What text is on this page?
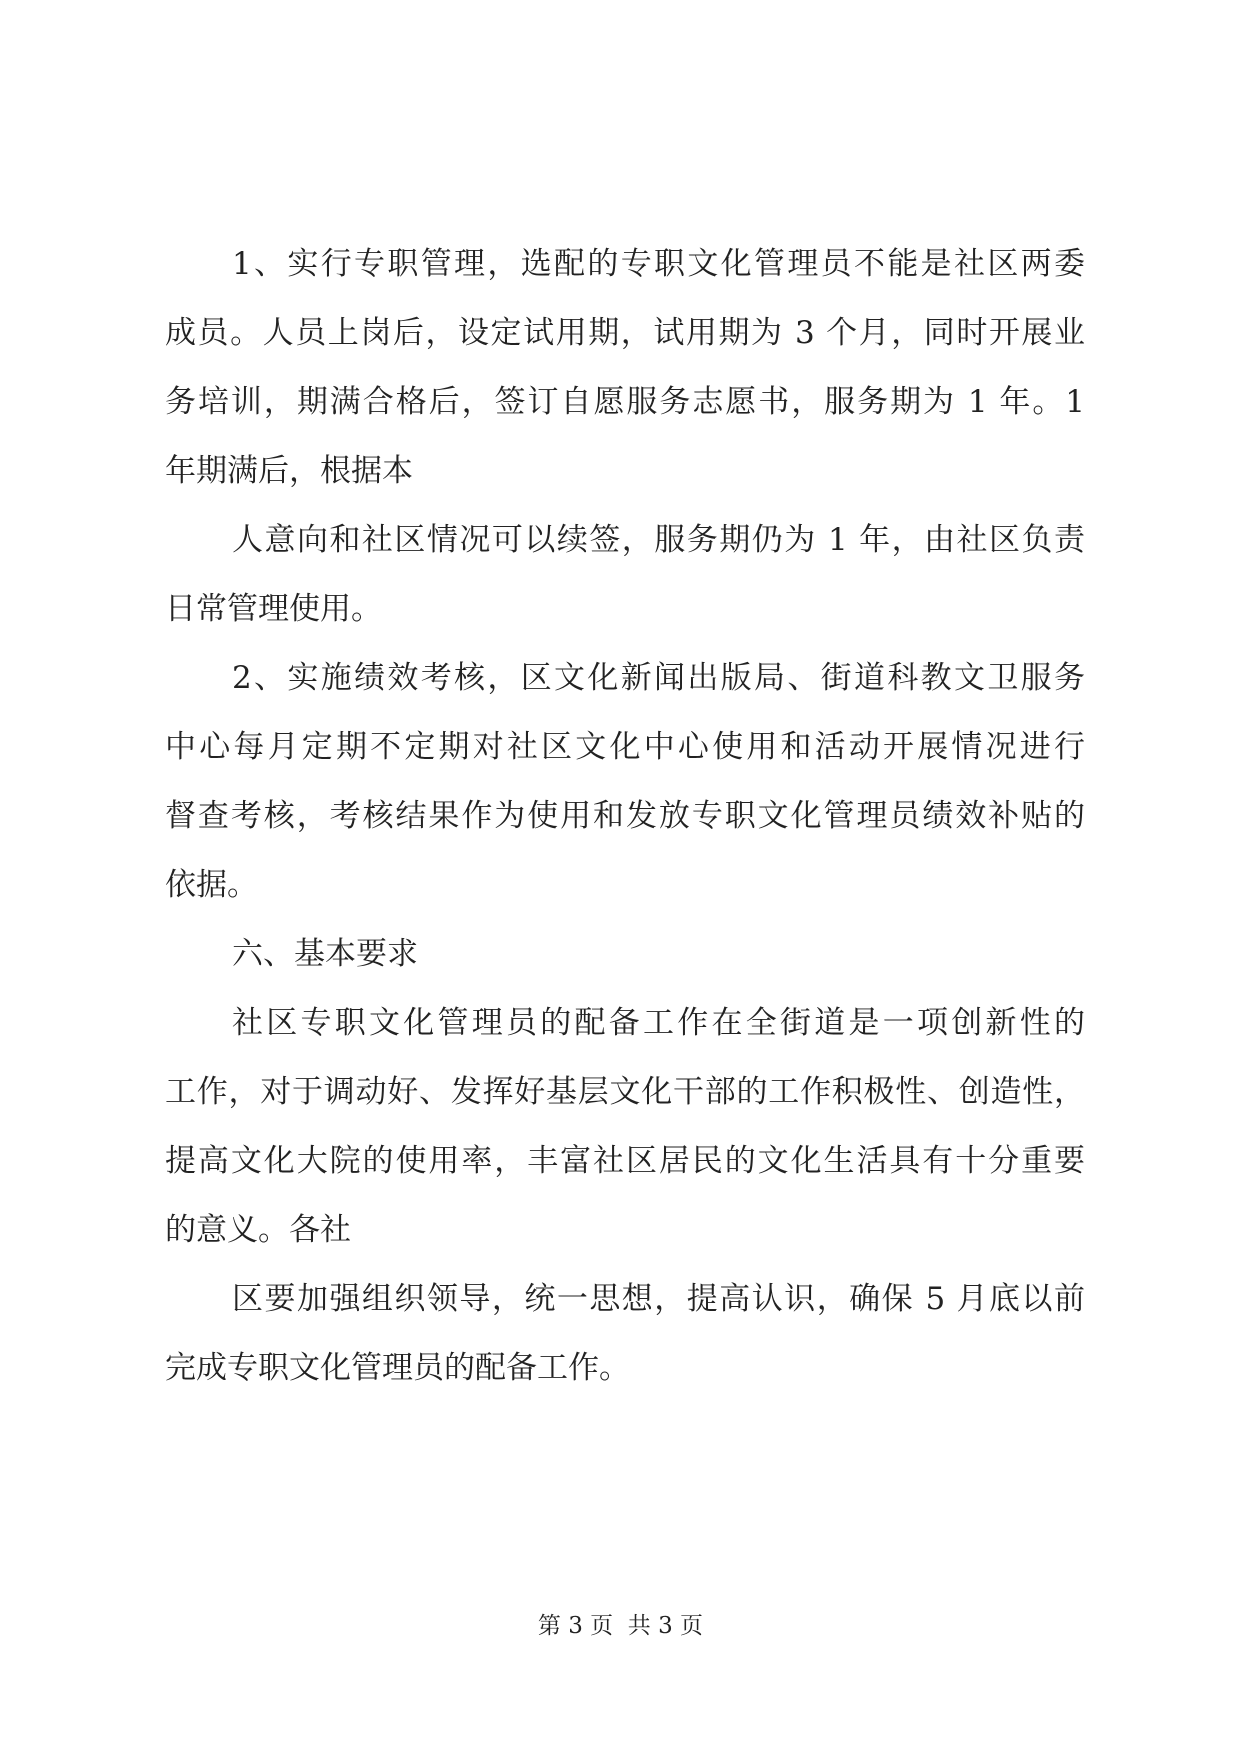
1、实行专职管理，选配的专职文化管理员不能是社区两委
成员。人员上岗后，设定试用期，试用期为 3 个月，同时开展业
务培训，期满合格后，签订自愿服务志愿书，服务期为 1 年。1
年期满后，根据本
人意向和社区情况可以续签，服务期仍为 1 年，由社区负责
日常管理使用。
2、实施绩效考核，区文化新闻出版局、街道科教文卫服务
中心每月定期不定期对社区文化中心使用和活动开展情况进行
督查考核，考核结果作为使用和发放专职文化管理员绩效补贴的
依据。
六、基本要求
社区专职文化管理员的配备工作在全街道是一项创新性的
工作，对于调动好、发挥好基层文化干部的工作积极性、创造性，
提高文化大院的使用率，丰富社区居民的文化生活具有十分重要
的意义。各社
区要加强组织领导，统一思想，提高认识，确保 5 月底以前
完成专职文化管理员的配备工作。
第 3 页  共 3 页
